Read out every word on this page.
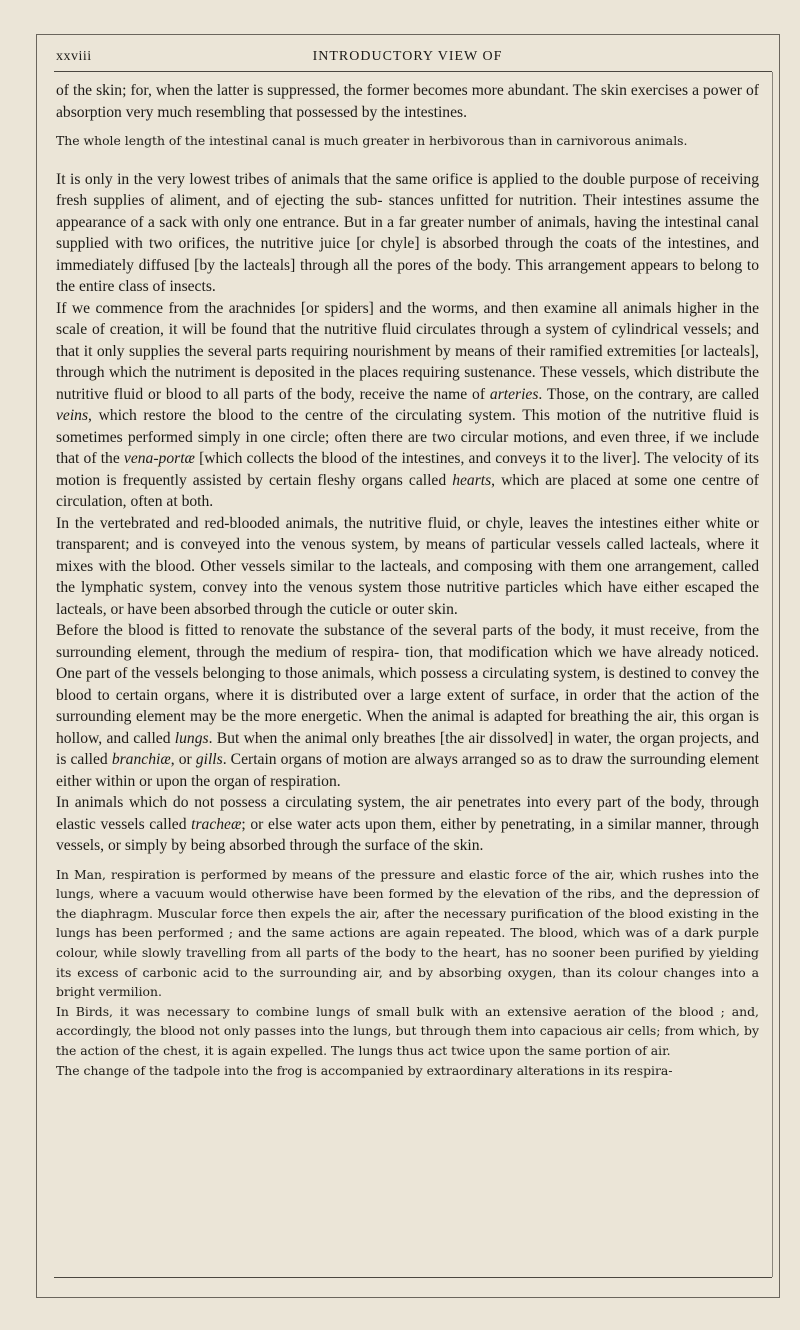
xxviii	INTRODUCTORY VIEW OF

of the skin; for, when the latter is suppressed, the former becomes more abundant. The skin exercises a power of absorption very much resembling that possessed by the intestines.

The whole length of the intestinal canal is much greater in herbivorous than in carnivorous animals.

It is only in the very lowest tribes of animals that the same orifice is applied to the double purpose of receiving fresh supplies of aliment, and of ejecting the sub- stances unfitted for nutrition. Their intestines assume the appearance of a sack with only one entrance. But in a far greater number of animals, having the intestinal canal supplied with two orifices, the nutritive juice [or chyle] is absorbed through the coats of the intestines, and immediately diffused [by the lacteals] through all the pores of the body. This arrangement appears to belong to the entire class of insects.

If we commence from the arachnides [or spiders] and the worms, and then examine all animals higher in the scale of creation, it will be found that the nutritive fluid circulates through a system of cylindrical vessels; and that it only supplies the several parts requiring nourishment by means of their ramified extremities [or lacteals], through which the nutriment is deposited in the places requiring sustenance. These vessels, which distribute the nutritive fluid or blood to all parts of the body, receive the name of arteries. Those, on the contrary, are called veins, which restore the blood to the centre of the circulating system. This motion of the nutritive fluid is sometimes performed simply in one circle; often there are two circular motions, and even three, if we include that of the vena-portæ [which collects the blood of the intestines, and conveys it to the liver]. The velocity of its motion is frequently assisted by certain fleshy organs called hearts, which are placed at some one centre of circulation, often at both.

In the vertebrated and red-blooded animals, the nutritive fluid, or chyle, leaves the intestines either white or transparent; and is conveyed into the venous system, by means of particular vessels called lacteals, where it mixes with the blood. Other vessels similar to the lacteals, and composing with them one arrangement, called the lymphatic system, convey into the venous system those nutritive particles which have either escaped the lacteals, or have been absorbed through the cuticle or outer skin.

Before the blood is fitted to renovate the substance of the several parts of the body, it must receive, from the surrounding element, through the medium of respira- tion, that modification which we have already noticed. One part of the vessels belonging to those animals, which possess a circulating system, is destined to convey the blood to certain organs, where it is distributed over a large extent of surface, in order that the action of the surrounding element may be the more energetic. When the animal is adapted for breathing the air, this organ is hollow, and called lungs. But when the animal only breathes [the air dissolved] in water, the organ projects, and is called branchiæ, or gills. Certain organs of motion are always arranged so as to draw the surrounding element either within or upon the organ of respiration.

In animals which do not possess a circulating system, the air penetrates into every part of the body, through elastic vessels called tracheæ; or else water acts upon them, either by penetrating, in a similar manner, through vessels, or simply by being absorbed through the surface of the skin.

In Man, respiration is performed by means of the pressure and elastic force of the air, which rushes into the lungs, where a vacuum would otherwise have been formed by the elevation of the ribs, and the depression of the diaphragm. Muscular force then expels the air, after the necessary purification of the blood existing in the lungs has been performed ; and the same actions are again repeated. The blood, which was of a dark purple colour, while slowly travelling from all parts of the body to the heart, has no sooner been purified by yielding its excess of carbonic acid to the surrounding air, and by absorbing oxygen, than its colour changes into a bright vermilion.

In Birds, it was necessary to combine lungs of small bulk with an extensive aeration of the blood ; and, accordingly, the blood not only passes into the lungs, but through them into capacious air cells; from which, by the action of the chest, it is again expelled. The lungs thus act twice upon the same portion of air.

The change of the tadpole into the frog is accompanied by extraordinary alterations in its respira-
